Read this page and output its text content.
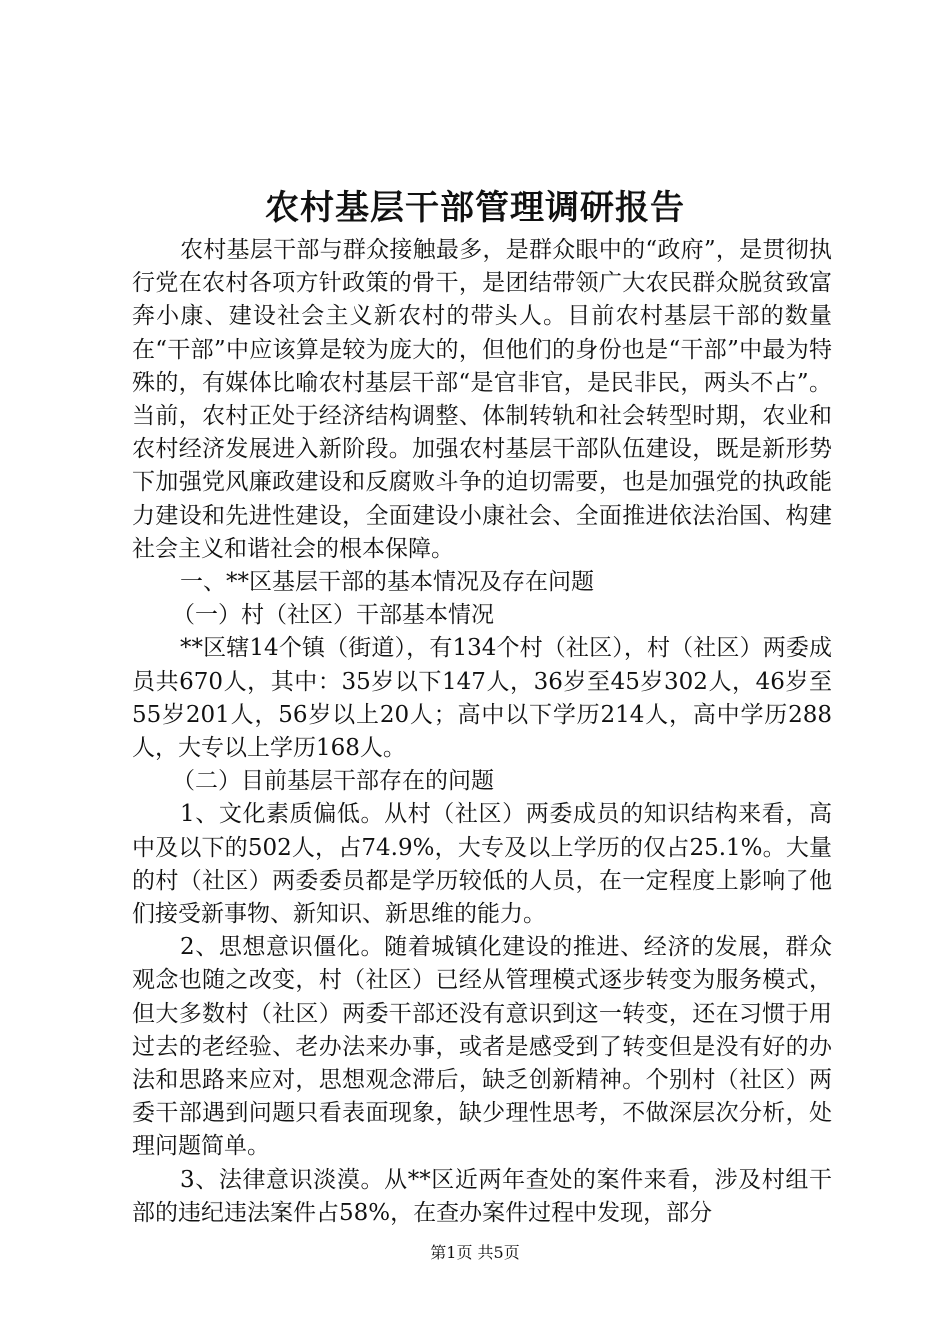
农村基层干部管理调研报告

农村基层干部与群众接触最多，是群众眼中的“政府”，是贯彻执行党在农村各项方针政策的骨干，是团结带领广大农民群众脱贫致富奔小康、建设社会主义新农村的带头人。目前农村基层干部的数量在“干部”中应该算是较为庞大的，但他们的身份也是“干部”中最为特殊的，有媒体比喻农村基层干部“是官非官，是民非民，两头不占”。当前，农村正处于经济结构调整、体制转轨和社会转型时期，农业和农村经济发展进入新阶段。加强农村基层干部队伍建设，既是新形势下加强党风廉政建设和反腐败斗争的迫切需要，也是加强党的执政能力建设和先进性建设，全面建设小康社会、全面推进依法治国、构建社会主义和谐社会的根本保障。

一、**区基层干部的基本情况及存在问题

（一）村（社区）干部基本情况

**区辖14个镇（街道），有134个村（社区），村（社区）两委成员共670人，其中：35岁以下147人，36岁至45岁302人，46岁至55岁201人，56岁以上20人；高中以下学历214人，高中学历288人，大专以上学历168人。

（二）目前基层干部存在的问题

1、文化素质偏低。从村（社区）两委成员的知识结构来看，高中及以下的502人，占74.9%，大专及以上学历的仅占25.1%。大量的村（社区）两委委员都是学历较低的人员，在一定程度上影响了他们接受新事物、新知识、新思维的能力。

2、思想意识僵化。随着城镇化建设的推进、经济的发展，群众观念也随之改变，村（社区）已经从管理模式逐步转变为服务模式，但大多数村（社区）两委干部还没有意识到这一转变，还在习惯于用过去的老经验、老办法来办事，或者是感受到了转变但是没有好的办法和思路来应对，思想观念滞后，缺乏创新精神。个别村（社区）两委干部遇到问题只看表面现象，缺少理性思考，不做深层次分析，处理问题简单。

3、法律意识淡漠。从**区近两年查处的案件来看，涉及村组干部的违纪违法案件占58%，在查办案件过程中发现，部分

第1页 共5页
